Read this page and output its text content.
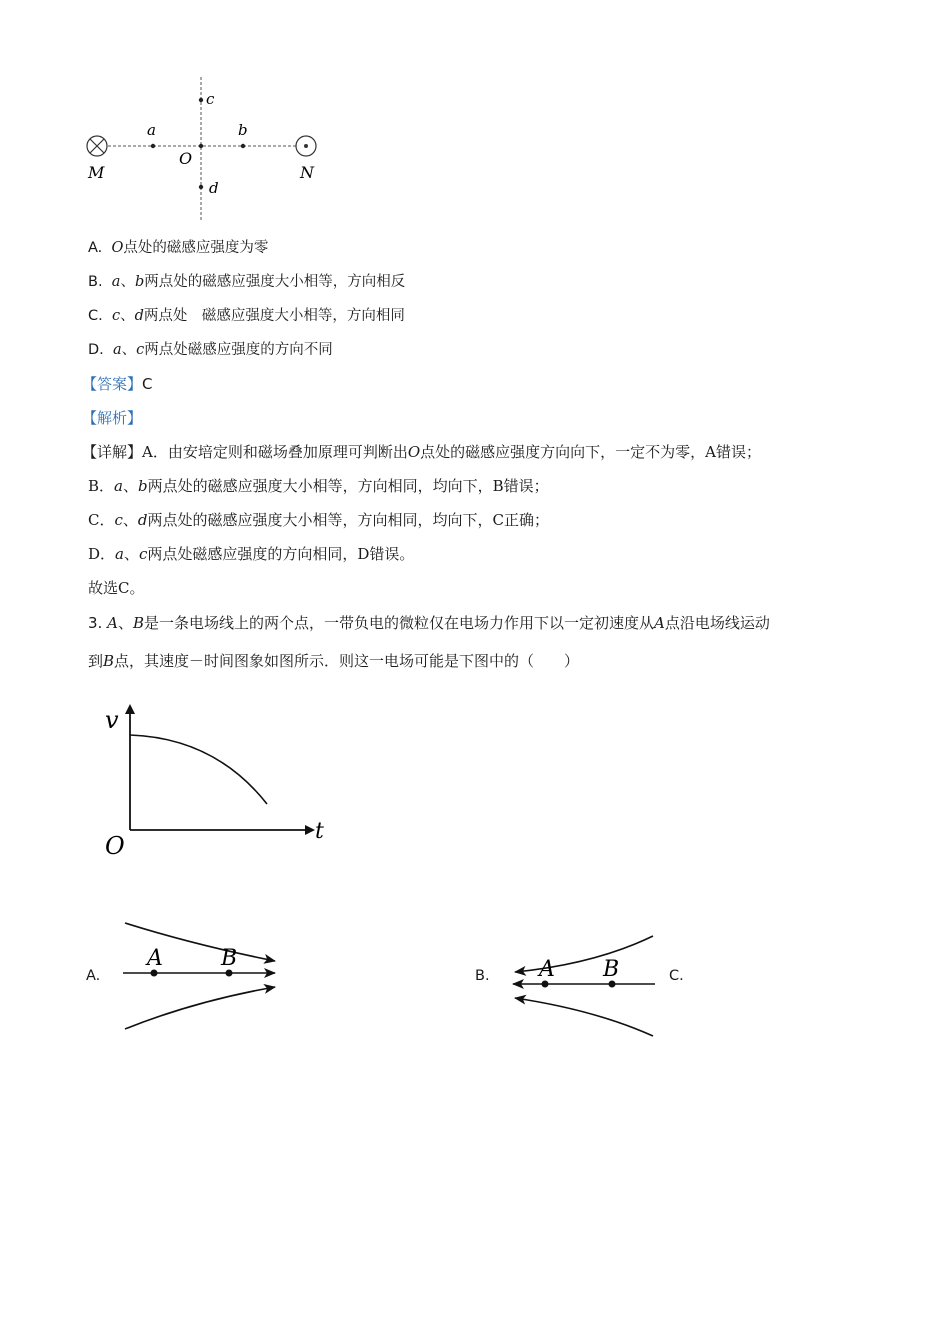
c
a	b
O
M	N
d
A. O点处的磁感应强度为零
B. a、b两点处的磁感应强度大小相等，方向相反
C. c、d两点处　磁感应强度大小相等，方向相同
D. a、c两点处磁感应强度的方向不同
【答案】C
【解析】
【详解】A．由安培定则和磁场叠加原理可判断出O点处的磁感应强度方向向下，一定不为零，A错误；
B．a、b两点处的磁感应强度大小相等，方向相同，均向下，B错误；
C．c、d两点处的磁感应强度大小相等，方向相同，均向下，C正确；
D．a、c两点处磁感应强度的方向相同，D错误。
故选C。
3. A、B是一条电场线上的两个点，一带负电的微粒仅在电场力作用下以一定初速度从A点沿电场线运动
到B点，其速度－时间图象如图所示．则这一电场可能是下图中的（　　）
v
t
O
A.
A	B
B. A B	C.
